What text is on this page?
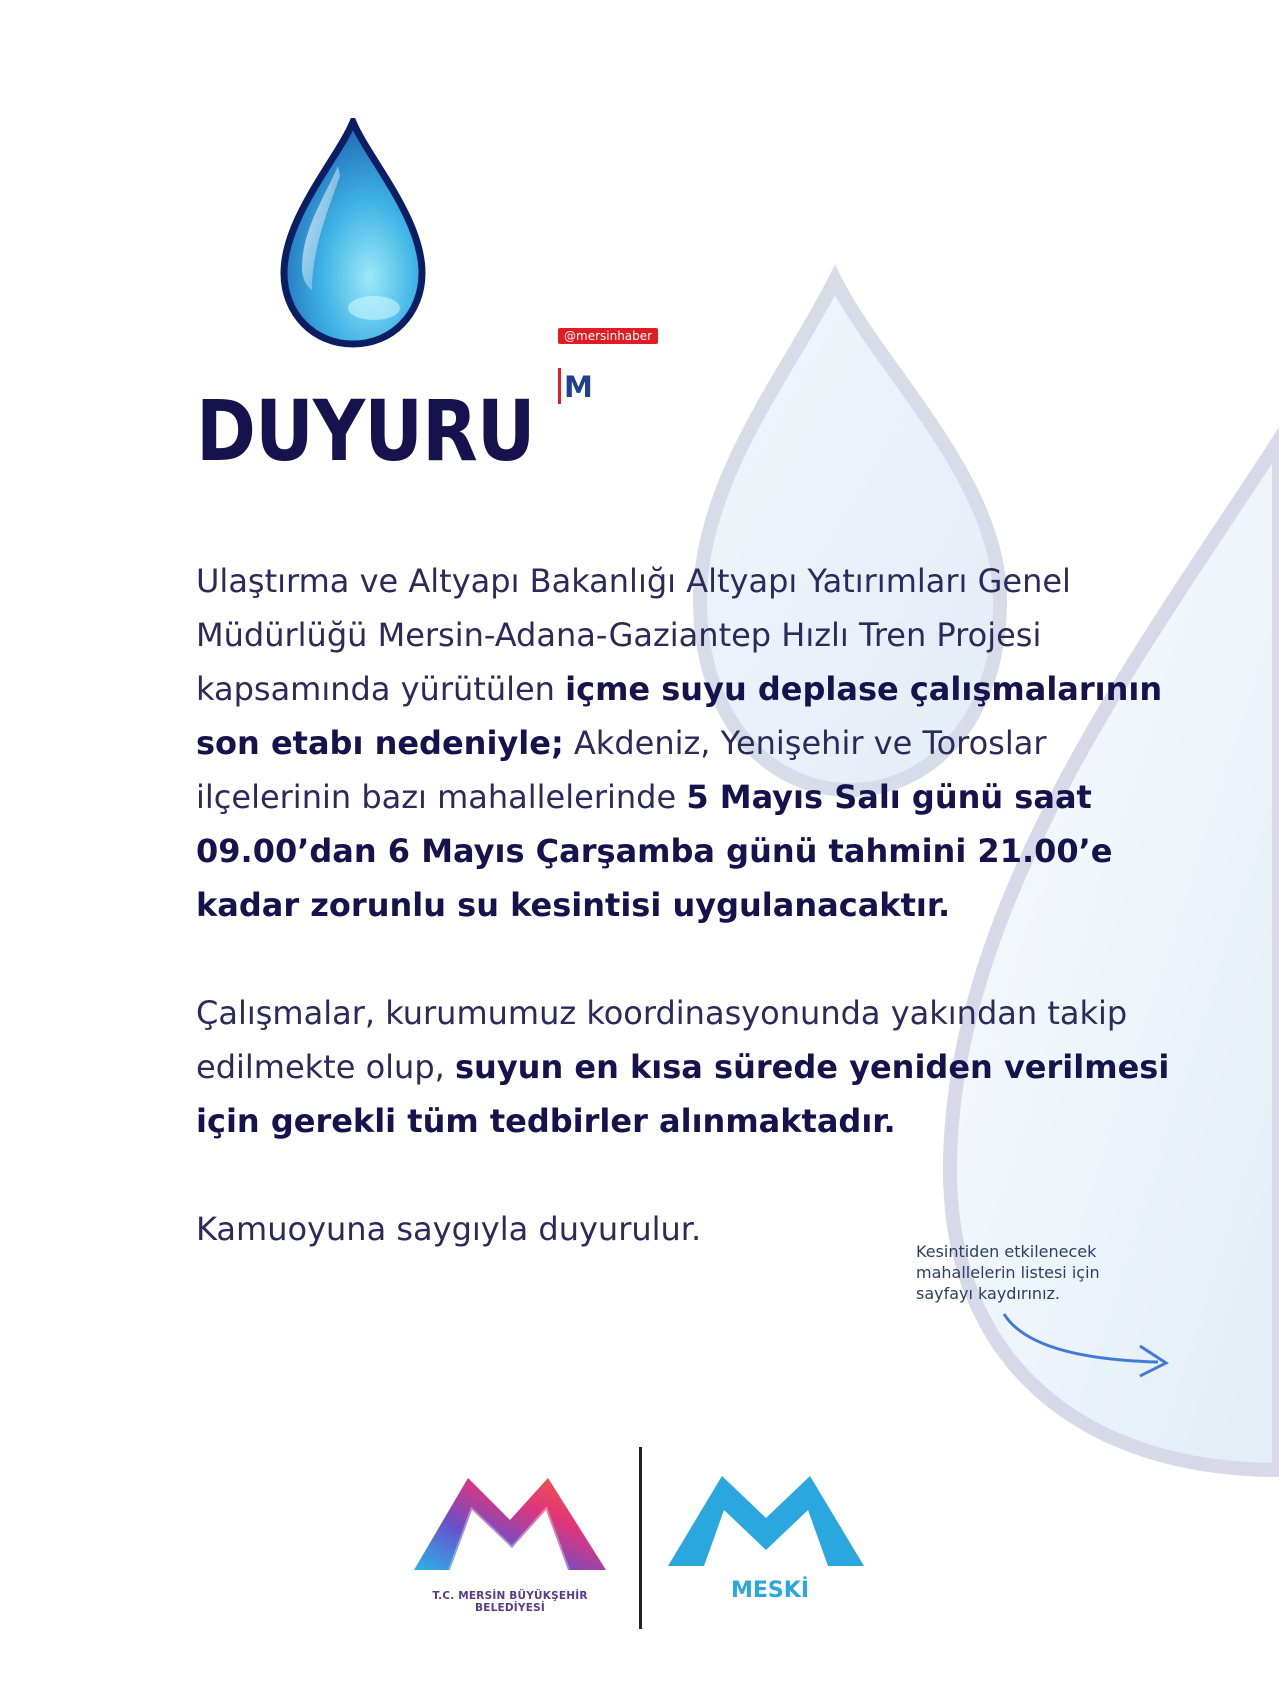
@mersinhaber
M
DUYURU

Ulaştırma ve Altyapı Bakanlığı Altyapı Yatırımları Genel Müdürlüğü Mersin-Adana-Gaziantep Hızlı Tren Projesi kapsamında yürütülen içme suyu deplase çalışmalarının son etabı nedeniyle; Akdeniz, Yenişehir ve Toroslar ilçelerinin bazı mahallelerinde 5 Mayıs Salı günü saat 09.00’dan 6 Mayıs Çarşamba günü tahmini 21.00’e kadar zorunlu su kesintisi uygulanacaktır.

Çalışmalar, kurumumuz koordinasyonunda yakından takip edilmekte olup, suyun en kısa sürede yeniden verilmesi için gerekli tüm tedbirler alınmaktadır.

Kamuoyuna saygıyla duyurulur.

Kesintiden etkilenecek mahallelerin listesi için sayfayı kaydırınız.
T.C. MERSİN BÜYÜKŞEHİR BELEDİYESİ
MESKİ
